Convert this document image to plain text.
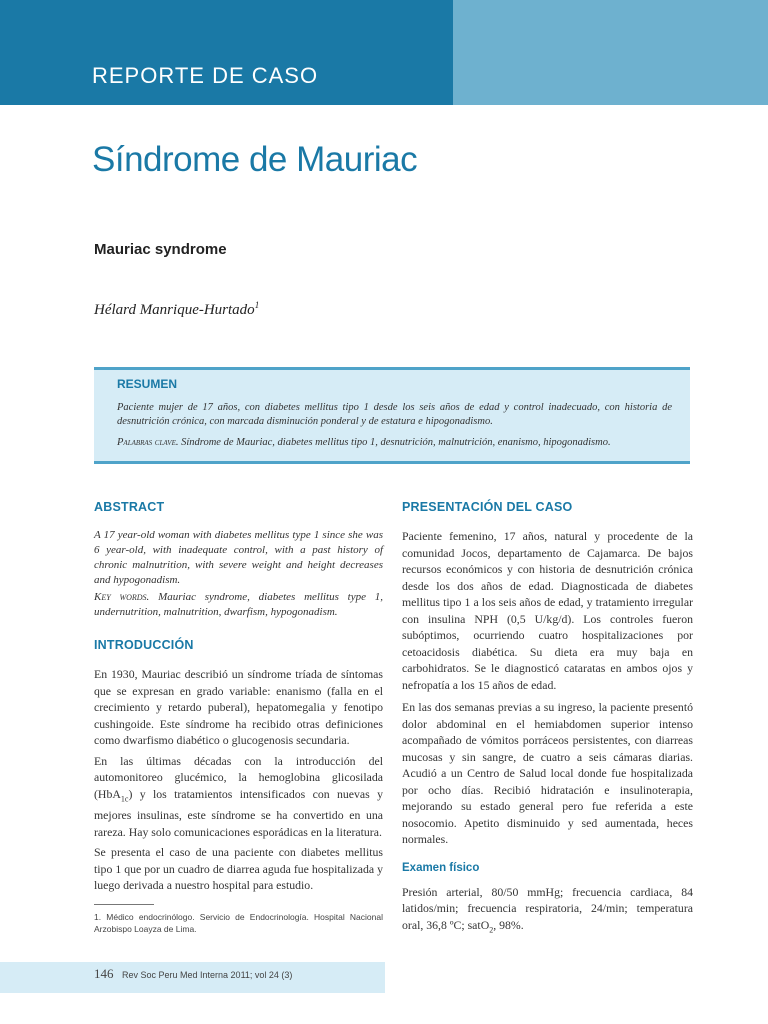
REPORTE DE CASO
Síndrome de Mauriac
Mauriac syndrome
Hélard Manrique-Hurtado$^1$
RESUMEN

Paciente mujer de 17 años, con diabetes mellitus tipo 1 desde los seis años de edad y control inadecuado, con historia de desnutrición crónica, con marcada disminución ponderal y de estatura e hipogonadismo.

Palabras clave. Síndrome de Mauriac, diabetes mellitus tipo 1, desnutrición, malnutrición, enanismo, hipogonadismo.

ABSTRACT

A 17 year-old woman with diabetes mellitus type 1 since she was 6 year-old, with inadequate control, with a past history of chronic malnutrition, with severe weight and height decreases and hypogonadism.

Key words. Mauriac syndrome, diabetes mellitus type 1, undernutrition, malnutrition, dwarfism, hypogonadism.

INTRODUCCIÓN

En 1930, Mauriac describió un síndrome tríada de síntomas que se expresan en grado variable: enanismo (falla en el crecimiento y retardo puberal), hepatomegalia y fenotipo cushingoide. Este síndrome ha recibido otras definiciones como dwarfismo diabético o glucogenosis secundaria.

En las últimas décadas con la introducción del automonitoreo glucémico, la hemoglobina glicosilada (HbA$_{1c}$) y los tratamientos intensificados con nuevas y mejores insulinas, este síndrome se ha convertido en una rareza. Hay solo comunicaciones esporádicas en la literatura.

Se presenta el caso de una paciente con diabetes mellitus tipo 1 que por un cuadro de diarrea aguda fue hospitalizada y luego derivada a nuestro hospital para estudio.

PRESENTACIÓN DEL CASO

Paciente femenino, 17 años, natural y procedente de la comunidad Jocos, departamento de Cajamarca. De bajos recursos económicos y con historia de desnutrición crónica desde los dos años de edad. Diagnosticada de diabetes mellitus tipo 1 a los seis años de edad, y tratamiento irregular con insulina NPH (0,5 U/kg/d). Los controles fueron subóptimos, ocurriendo cuatro hospitalizaciones por cetoacidosis diabética. Su dieta era muy baja en carbohidratos. Se le diagnosticó cataratas en ambos ojos y nefropatía a los 15 años de edad.

En las dos semanas previas a su ingreso, la paciente presentó dolor abdominal en el hemiabdomen superior intenso acompañado de vómitos porráceos persistentes, con diarreas mucosas y sin sangre, de cuatro a seis cámaras diarias. Acudió a un Centro de Salud local donde fue hospitalizada por ocho días. Recibió hidratación e insulinoterapia, mejorando su estado general pero fue referida a este nosocomio. Apetito disminuido y sed aumentada, heces normales.

Examen físico

Presión arterial, 80/50 mmHg; frecuencia cardiaca, 84 latidos/min; frecuencia respiratoria, 24/min; temperatura oral, 36,8 ºC; satO$_2$, 98%.

1. Médico endocrinólogo. Servicio de Endocrinología. Hospital Nacional Arzobispo Loayza de Lima.

146 Rev Soc Peru Med Interna 2011; vol 24 (3)
